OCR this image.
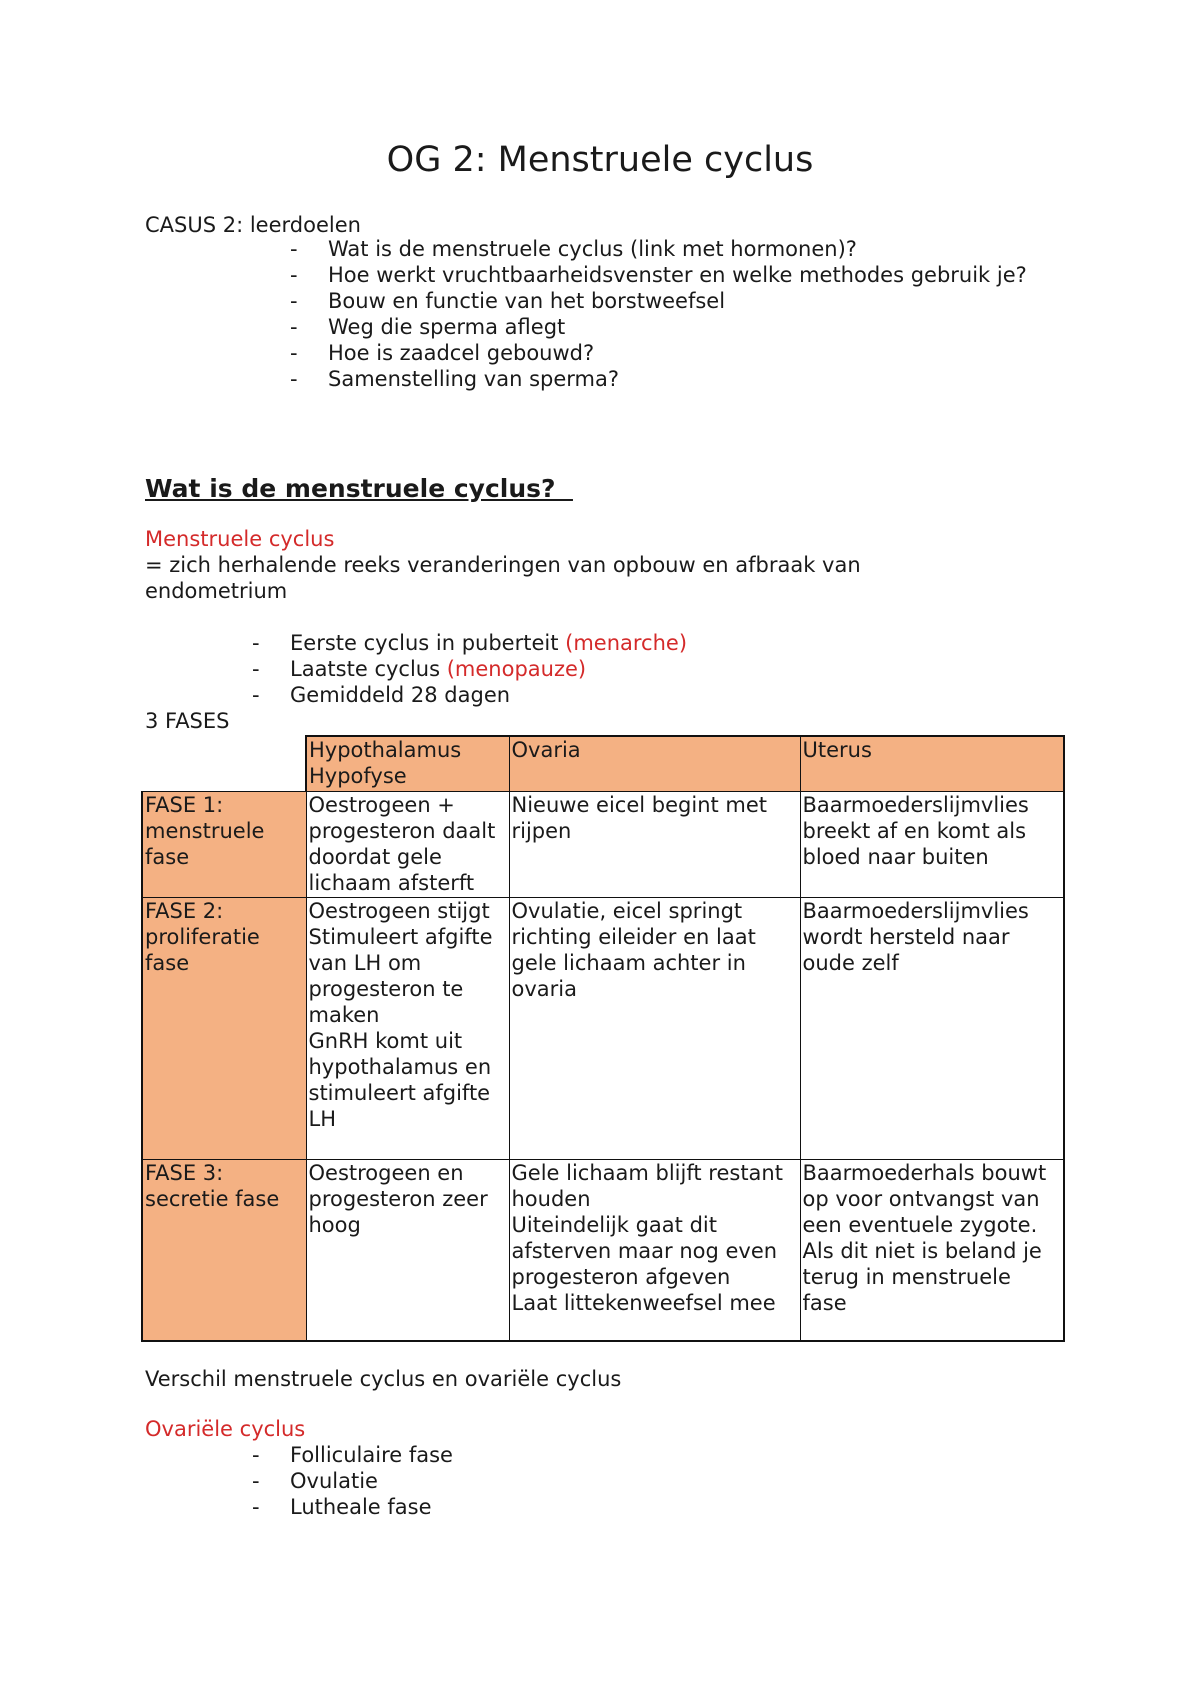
OG 2: Menstruele cyclus

CASUS 2: leerdoelen

- Wat is de menstruele cyclus (link met hormonen)?
- Hoe werkt vruchtbaarheidsvenster en welke methodes gebruik je?
- Bouw en functie van het borstweefsel
- Weg die sperma aflegt
- Hoe is zaadcel gebouwd?
- Samenstelling van sperma?
Wat is de menstruele cyclus?

Menstruele cyclus

= zich herhalende reeks veranderingen van opbouw en afbraak van endometrium

- Eerste cyclus in puberteit (menarche)
- Laatste cyclus (menopauze)
- Gemiddeld 28 dagen

3 FASES

	Hypothalamus Hypofyse	Ovaria	Uterus
FASE 1: menstruele fase	Oestrogeen + progesteron daalt doordat gele lichaam afsterft	Nieuwe eicel begint met rijpen	Baarmoederslijmvlies breekt af en komt als bloed naar buiten

FASE 2: proliferatie fase	Oestrogeen stijgt
Stimuleert afgifte van LH om progesteron te maken
GnRH komt uit hypothalamus en stimuleert afgifte LH	Ovulatie, eicel springt richting eileider en laat gele lichaam achter in ovaria	Baarmoederslijmvlies wordt hersteld naar oude zelf

FASE 3: secretie fase	Oestrogeen en progesteron zeer hoog	Gele lichaam blijft restant houden
Uiteindelijk gaat dit afsterven maar nog even progesteron afgeven
Laat littekenweefsel mee	Baarmoederhals bouwt op voor ontvangst van een eventuele zygote.
Als dit niet is beland je terug in menstruele fase

Verschil menstruele cyclus en ovariële cyclus

Ovariële cyclus

- Folliculaire fase
- Ovulatie
- Lutheale fase
